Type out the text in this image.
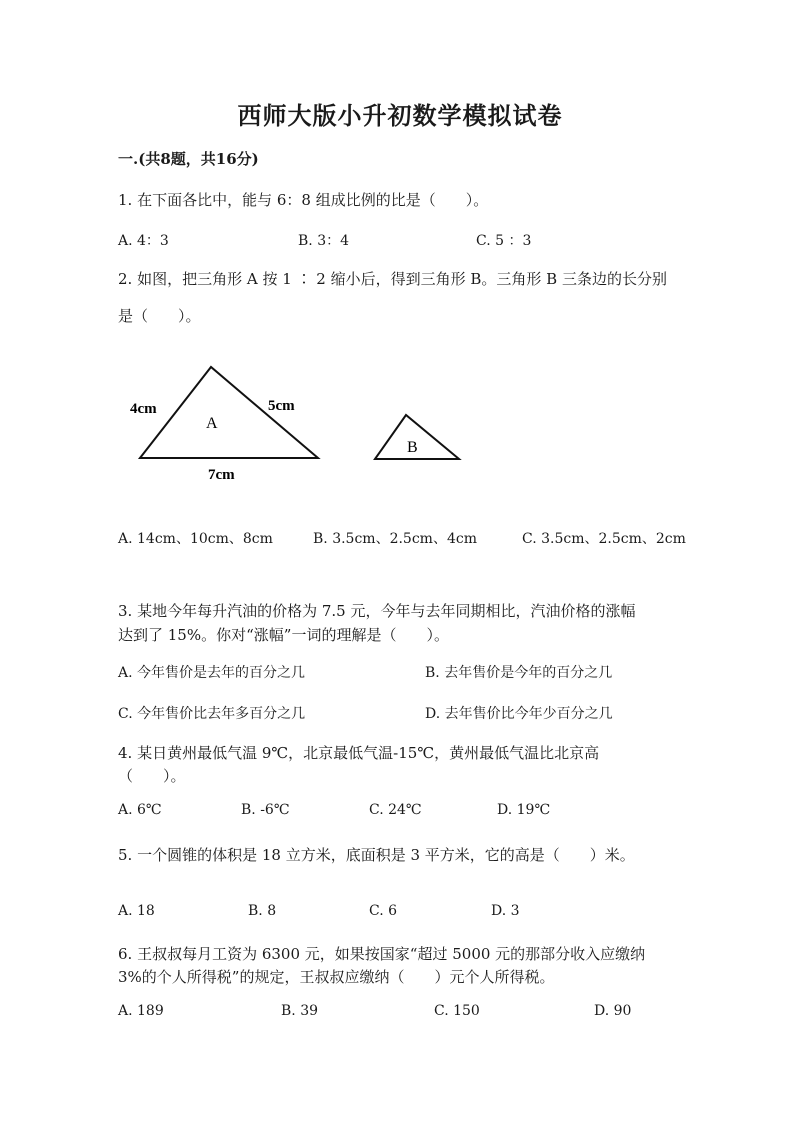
西师大版小升初数学模拟试卷
一.(共8题，共16分)
1. 在下面各比中，能与 6：8 组成比例的比是（　　）。
A. 4：3	B. 3：4	C. 5 ：3
2. 如图，把三角形 A 按 1 ∶ 2 缩小后，得到三角形 B。三角形 B 三条边的长分别
是（　　）。
A
B
4cm	5cm
7cm
A. 14cm、10cm、8cm	B. 3.5cm、2.5cm、4cm	C. 3.5cm、2.5cm、2cm
3. 某地今年每升汽油的价格为 7.5 元，今年与去年同期相比，汽油价格的涨幅
达到了 15%。你对“涨幅”一词的理解是（　　）。
A. 今年售价是去年的百分之几	B. 去年售价是今年的百分之几
C. 今年售价比去年多百分之几	D. 去年售价比今年少百分之几
4. 某日黄州最低气温 9℃，北京最低气温-15℃，黄州最低气温比北京高
（　　）。
A. 6℃	B. -6℃	C. 24℃	D. 19℃
5. 一个圆锥的体积是 18 立方米，底面积是 3 平方米，它的高是（　　）米。
A. 18	B. 8	C. 6	D. 3
6. 王叔叔每月工资为 6300 元，如果按国家“超过 5000 元的那部分收入应缴纳
3%的个人所得税”的规定，王叔叔应缴纳（　　）元个人所得税。
A. 189	B. 39	C. 150	D. 90
